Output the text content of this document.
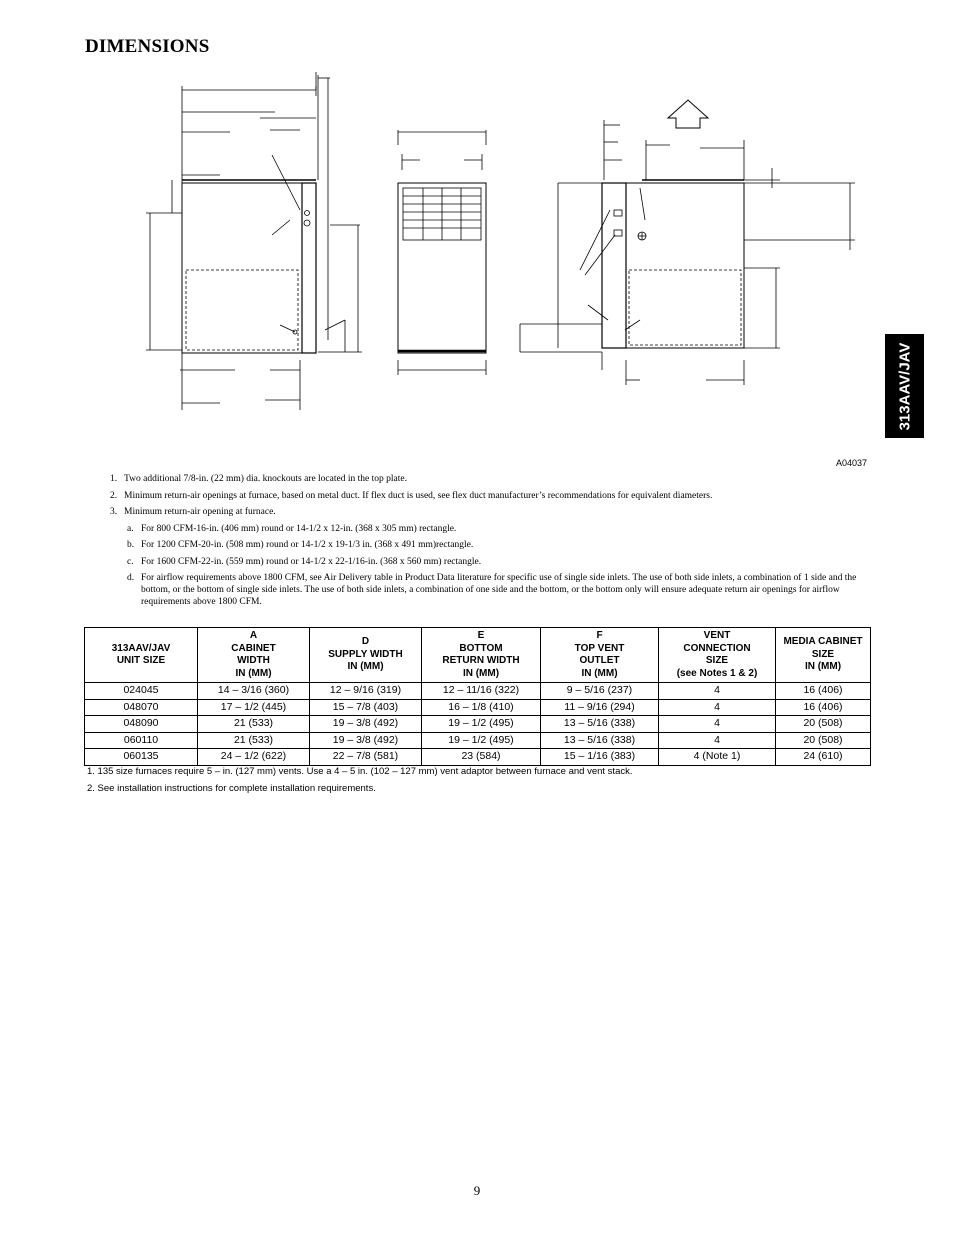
DIMENSIONS
313AAV/JAV
A04037
1. Two additional 7/8-in. (22 mm) dia. knockouts are located in the top plate.
2. Minimum return-air openings at furnace, based on metal duct. If flex duct is used, see flex duct manufacturer’s recommendations for equivalent diameters.
3. Minimum return-air opening at furnace.
a. For 800 CFM-16-in. (406 mm) round or 14-1/2 x 12-in. (368 x 305 mm) rectangle.
b. For 1200 CFM-20-in. (508 mm) round or 14-1/2 x 19-1/3 in. (368 x 491 mm)rectangle.
c. For 1600 CFM-22-in. (559 mm) round or 14-1/2 x 22-1/16-in. (368 x 560 mm) rectangle.
d. For airflow requirements above 1800 CFM, see Air Delivery table in Product Data literature for specific use of single side inlets. The use of both side inlets, a combination of 1 side and the bottom, or the bottom of single side inlets. The use of both side inlets, a combination of one side and the bottom, or the bottom only will ensure adequate return air openings for airflow requirements above 1800 CFM.
313AAV/JAV
UNIT SIZE	A
CABINET
WIDTH
IN (MM)	D
SUPPLY WIDTH
IN (MM)	E
BOTTOM
RETURN WIDTH
IN (MM)	F
TOP VENT
OUTLET
IN (MM)	VENT
CONNECTION
SIZE
(see Notes 1 & 2)	MEDIA CABINET
SIZE
IN (MM)
024045	14 – 3/16 (360)	12 – 9/16 (319)	12 – 11/16 (322)	9 – 5/16 (237)	4	16 (406)
048070	17 – 1/2 (445)	15 – 7/8 (403)	16 – 1/8 (410)	11 – 9/16 (294)	4	16 (406)
048090	21 (533)	19 – 3/8 (492)	19 – 1/2 (495)	13 – 5/16 (338)	4	20 (508)
060110	21 (533)	19 – 3/8 (492)	19 – 1/2 (495)	13 – 5/16 (338)	4	20 (508)
060135	24 – 1/2 (622)	22 – 7/8 (581)	23 (584)	15 – 1/16 (383)	4 (Note 1)	24 (610)
1. 135 size furnaces require 5 – in. (127 mm) vents. Use a 4 – 5 in. (102 – 127 mm) vent adaptor between furnace and vent stack.
2. See installation instructions for complete installation requirements.
9
